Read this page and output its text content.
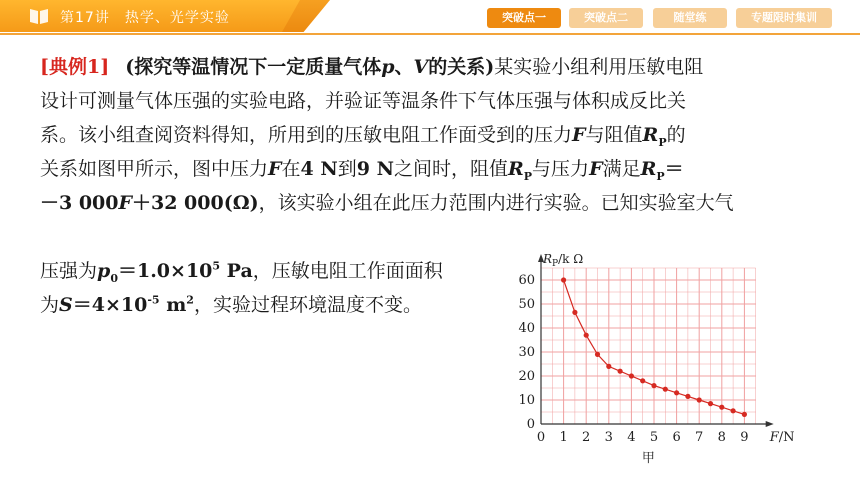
第17讲　热学、光学实验	突破点一	突破点二	随堂练	专题限时集训
[典例1] (探究等温情况下一定质量气体p、V的关系)某实验小组利用压敏电阻
设计可测量气体压强的实验电路，并验证等温条件下气体压强与体积成反比关
系。该小组查阅资料得知，所用到的压敏电阻工作面受到的压力F与阻值$R_P$的
关系如图甲所示，图中压力F在4 N到9 N之间时，阻值$R_P$与压力F满足$R_P=$
－3 000F＋32 000(Ω)，该实验小组在此压力范围内进行实验。已知实验室大气
压强为$p_0=1.0\times 10^5$ Pa，压敏电阻工作面面积
为$S=4\times 10^{-5}$ $m^2$，实验过程环境温度不变。
0 1 2 3 4 5 6 7 8 9
0
10
20
30
40
50
60
$R_P/k$ Ω
F/N
甲
